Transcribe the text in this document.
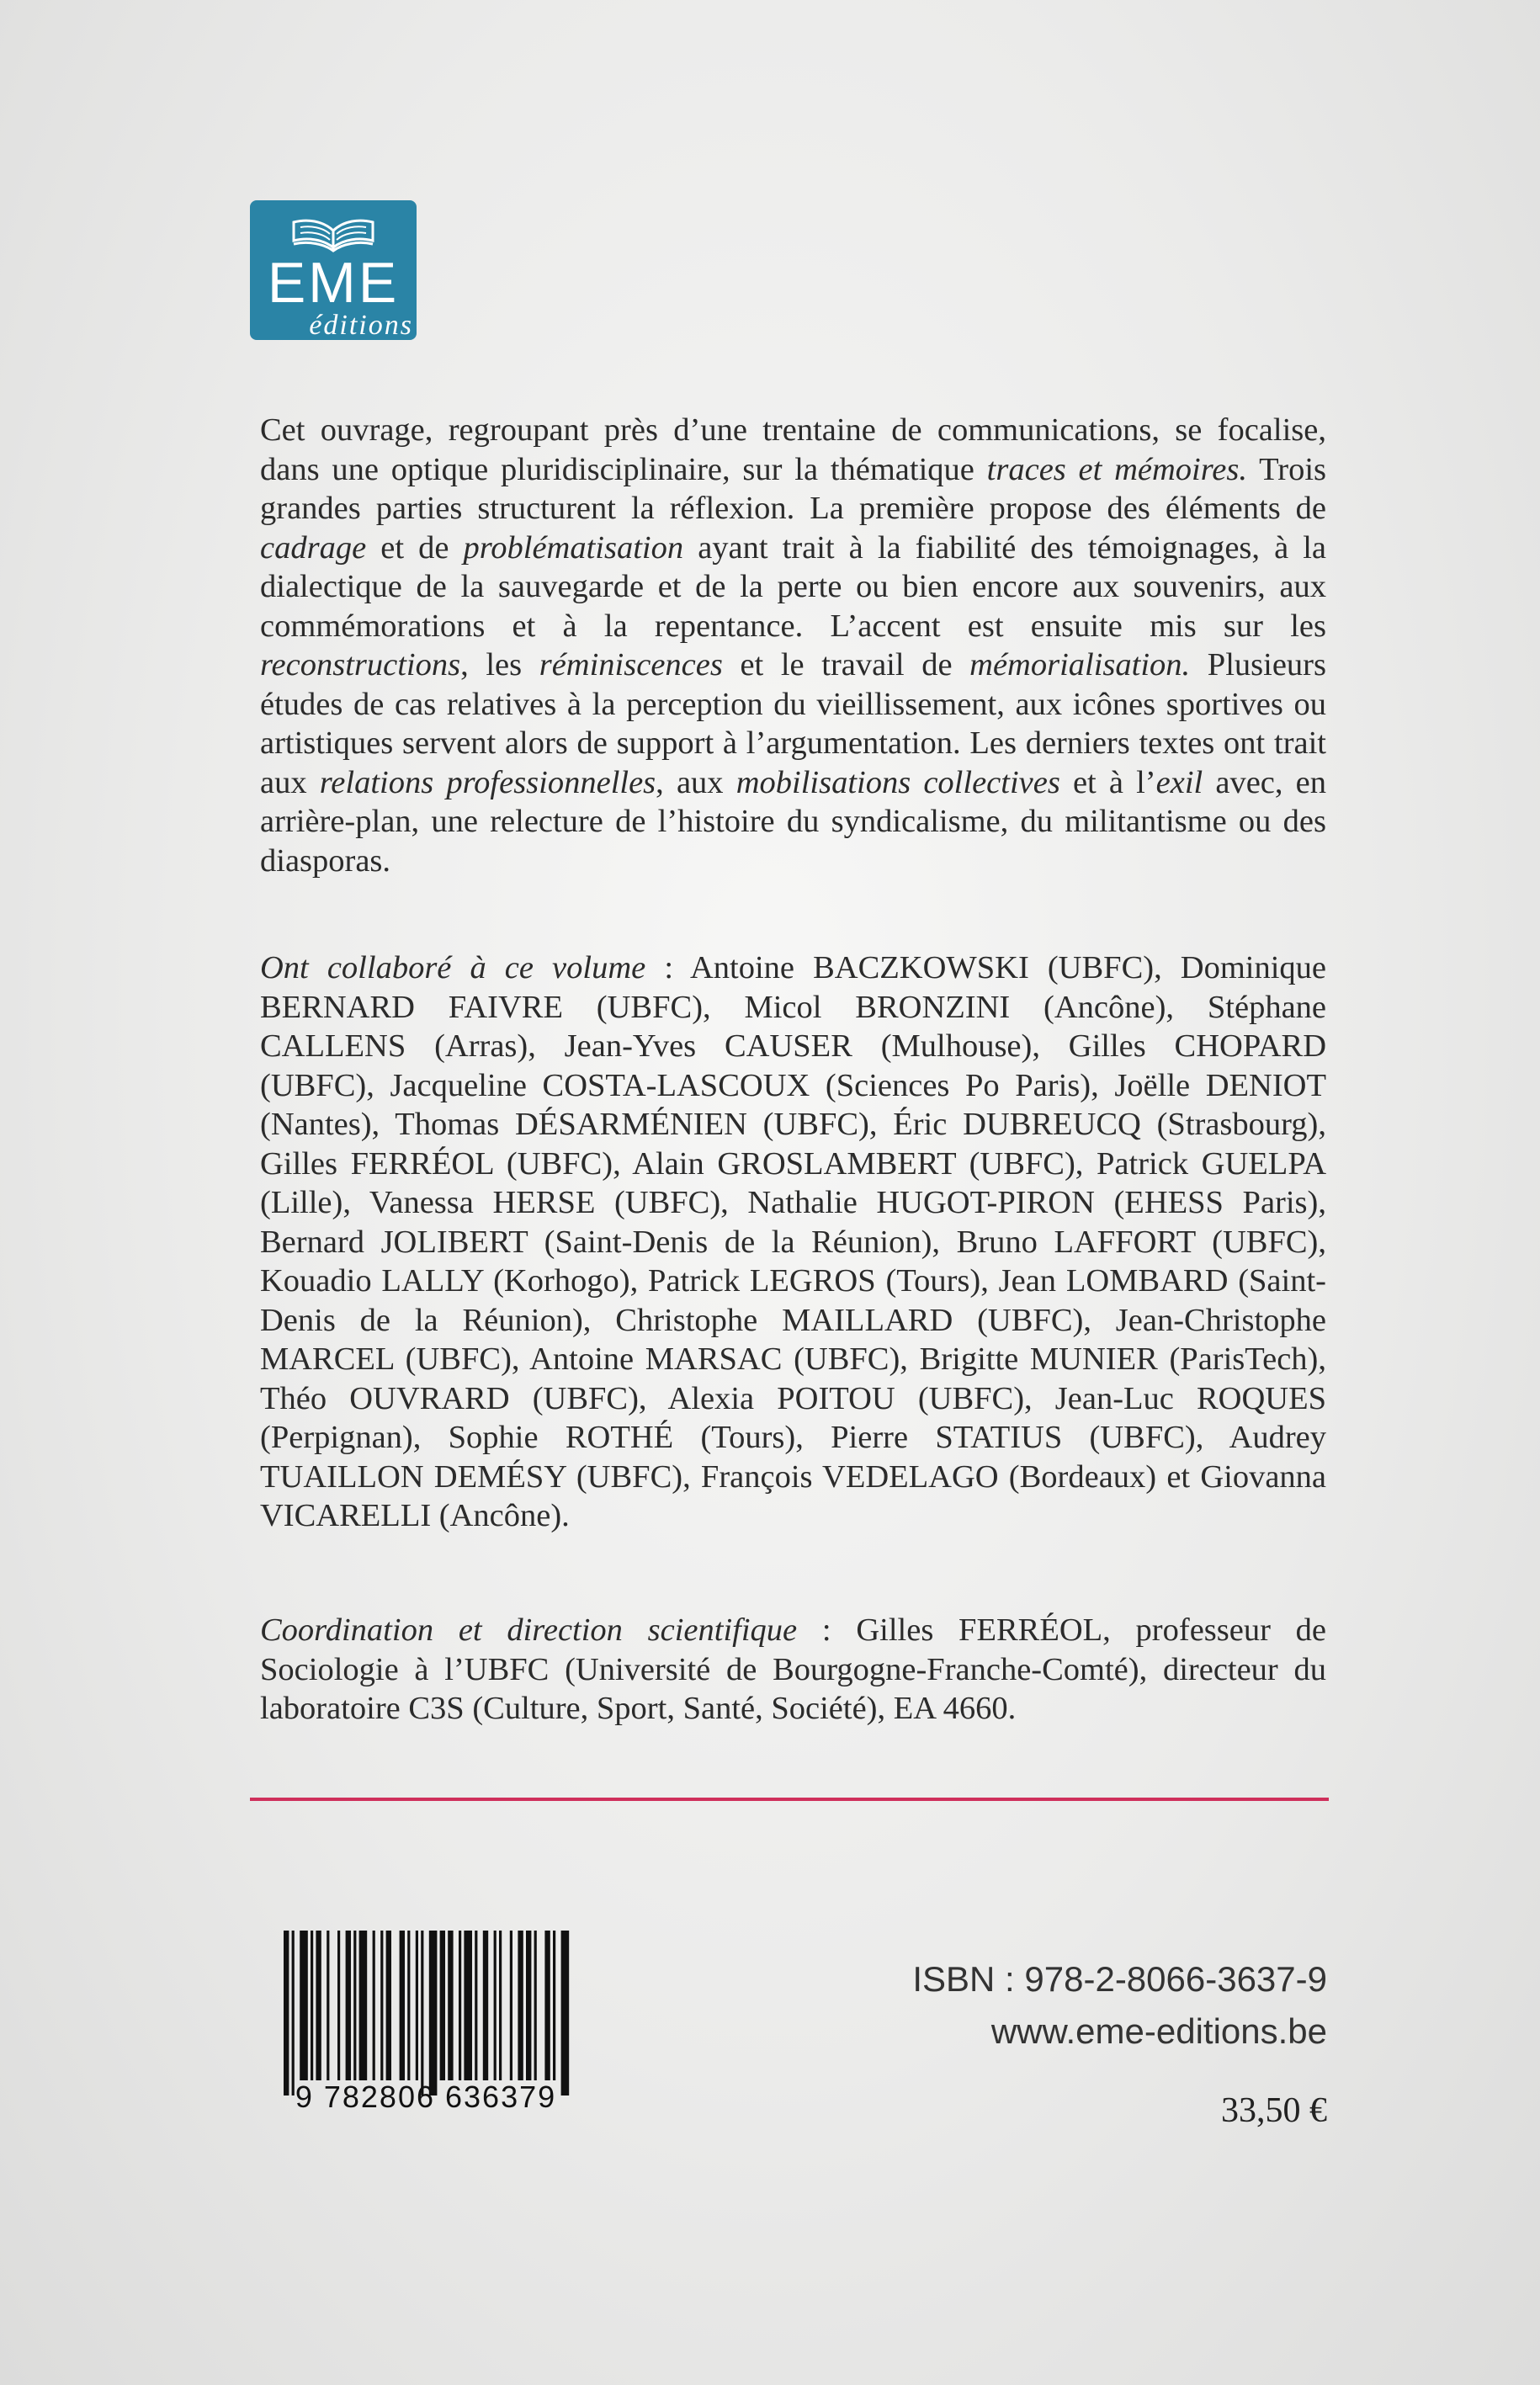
EME
éditions

Cet ouvrage, regroupant près d’une trentaine de communications, se focalise, dans une optique pluridisciplinaire, sur la thématique traces et mémoires. Trois grandes parties structurent la réflexion. La première propose des éléments de cadrage et de problématisation ayant trait à la fiabilité des témoignages, à la dialectique de la sauvegarde et de la perte ou bien encore aux souvenirs, aux commémorations et à la repentance. L’accent est ensuite mis sur les reconstructions, les réminiscences et le travail de mémorialisation. Plusieurs études de cas relatives à la perception du vieillissement, aux icônes sportives ou artistiques servent alors de support à l’argumentation. Les derniers textes ont trait aux relations professionnelles, aux mobilisations collectives et à l’exil avec, en arrière-plan, une relecture de l’histoire du syndicalisme, du militantisme ou des diasporas.

Ont collaboré à ce volume : Antoine BACZKOWSKI (UBFC), Dominique BERNARD FAIVRE (UBFC), Micol BRONZINI (Ancône), Stéphane CALLENS (Arras), Jean-Yves CAUSER (Mulhouse), Gilles CHOPARD (UBFC), Jacqueline COSTA-LASCOUX (Sciences Po Paris), Joëlle DENIOT (Nantes), Thomas DÉSARMÉNIEN (UBFC), Éric DUBREUCQ (Strasbourg), Gilles FERRÉOL (UBFC), Alain GROSLAMBERT (UBFC), Patrick GUELPA (Lille), Vanessa HERSE (UBFC), Nathalie HUGOT-PIRON (EHESS Paris), Bernard JOLIBERT (Saint-Denis de la Réunion), Bruno LAFFORT (UBFC), Kouadio LALLY (Korhogo), Patrick LEGROS (Tours), Jean LOMBARD (Saint-Denis de la Réunion), Christophe MAILLARD (UBFC), Jean-Christophe MARCEL (UBFC), Antoine MARSAC (UBFC), Brigitte MUNIER (ParisTech), Théo OUVRARD (UBFC), Alexia POITOU (UBFC), Jean-Luc ROQUES (Perpignan), Sophie ROTHÉ (Tours), Pierre STATIUS (UBFC), Audrey TUAILLON DEMÉSY (UBFC), François VEDELAGO (Bordeaux) et Giovanna VICARELLI (Ancône).

Coordination et direction scientifique : Gilles FERRÉOL, professeur de Sociologie à l’UBFC (Université de Bourgogne-Franche-Comté), directeur du laboratoire C3S (Culture, Sport, Santé, Société), EA 4660.

9 782806 636379
ISBN : 978-2-8066-3637-9
www.eme-editions.be
33,50 €
